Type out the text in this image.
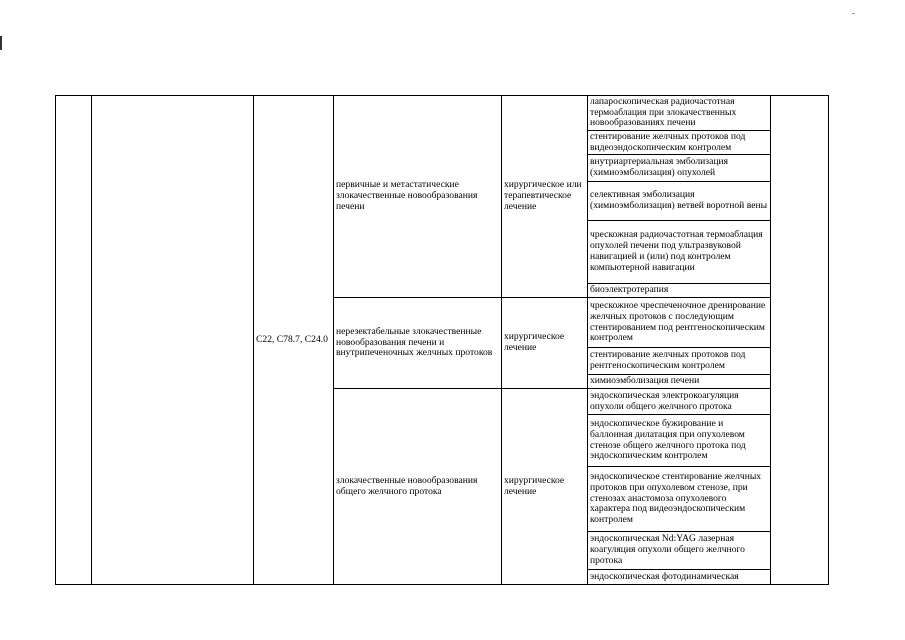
		C22, C78.7, C24.0	первичные и метастатические злокачественные новообразования печени	хирургическое или терапевтическое лечение	лапароскопическая радиочастотная термоаблация при злокачественных новообразованиях печени	
					стентирование желчных протоков под видеоэндоскопическим контролем	
					внутриартериальная эмболизация (химиоэмболизация) опухолей	
					селективная эмболизация (химиоэмболизация) ветвей воротной вены	
					чрескожная радиочастотная термоаблация опухолей печени под ультразвуковой навигацией и (или) под контролем компьютерной навигации	
					биоэлектротерапия	
			нерезектабельные злокачественные новообразования печени и внутрипеченочных желчных протоков	хирургическое лечение	чрескожное чреспеченочное дренирование желчных протоков с последующим стентированием под рентгеноскопическим контролем	
					стентирование желчных протоков под рентгеноскопическим контролем	
					химиоэмболизация печени	
			злокачественные новообразования общего желчного протока	хирургическое лечение	эндоскопическая электрокоагуляция опухоли общего желчного протока	
					эндоскопическое бужирование и баллонная дилатация при опухолевом стенозе общего желчного протока под эндоскопическим контролем	
					эндоскопическое стентирование желчных протоков при опухолевом стенозе, при стенозах анастомоза опухолевого характера под видеоэндоскопическим контролем	
					эндоскопическая Nd:YAG лазерная коагуляция опухоли общего желчного протока	
					эндоскопическая фотодинамическая	
